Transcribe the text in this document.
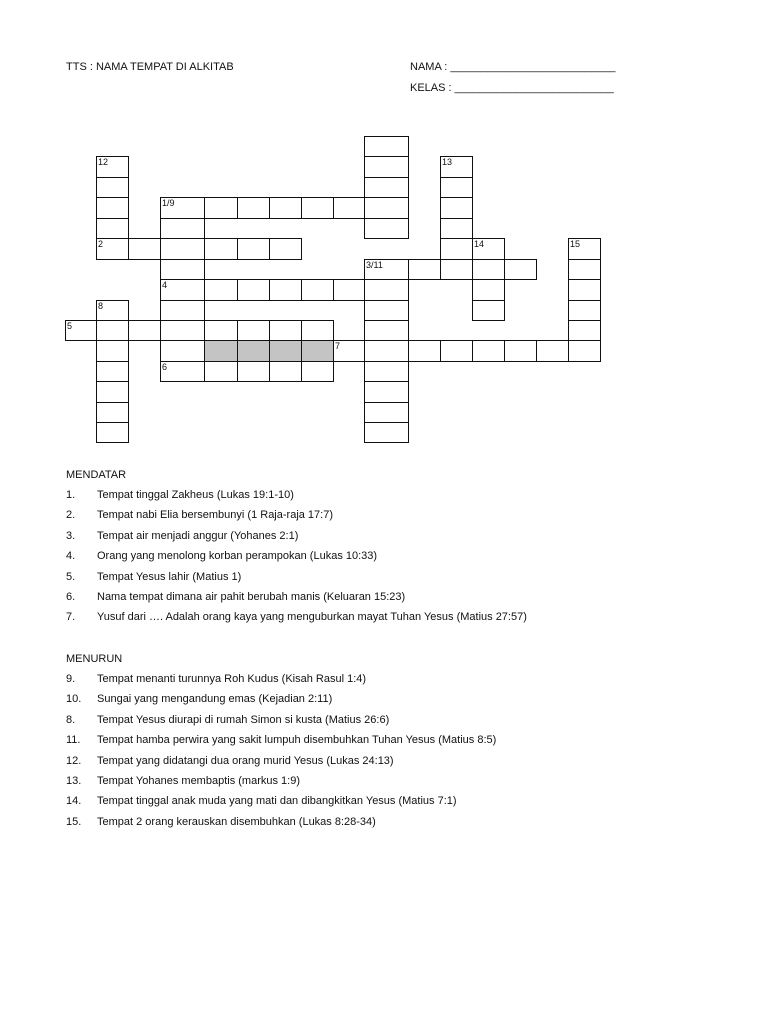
TTS : NAMA TEMPAT DI ALKITAB	NAMA : ___________________________
KELAS : __________________________
1/9
2
3/11
4
5
7
6
12	13
14	15
8
MENDATAR
1. Tempat tinggal Zakheus (Lukas 19:1-10)
2. Tempat nabi Elia bersembunyi (1 Raja-raja 17:7)
3. Tempat air menjadi anggur (Yohanes 2:1)
4. Orang yang menolong korban perampokan (Lukas 10:33)
5. Tempat Yesus lahir (Matius 1)
6. Nama tempat dimana air pahit berubah manis (Keluaran 15:23)
7. Yusuf dari …. Adalah orang kaya yang menguburkan mayat Tuhan Yesus (Matius 27:57)
MENURUN
9. Tempat menanti turunnya Roh Kudus (Kisah Rasul 1:4)
10. Sungai yang mengandung emas (Kejadian 2:11)
8. Tempat Yesus diurapi di rumah Simon si kusta (Matius 26:6)
11. Tempat hamba perwira yang sakit lumpuh disembuhkan Tuhan Yesus (Matius 8:5)
12. Tempat yang didatangi dua orang murid Yesus (Lukas 24:13)
13. Tempat Yohanes membaptis (markus 1:9)
14. Tempat tinggal anak muda yang mati dan dibangkitkan Yesus (Matius 7:1)
15. Tempat 2 orang kerauskan disembuhkan (Lukas 8:28-34)
